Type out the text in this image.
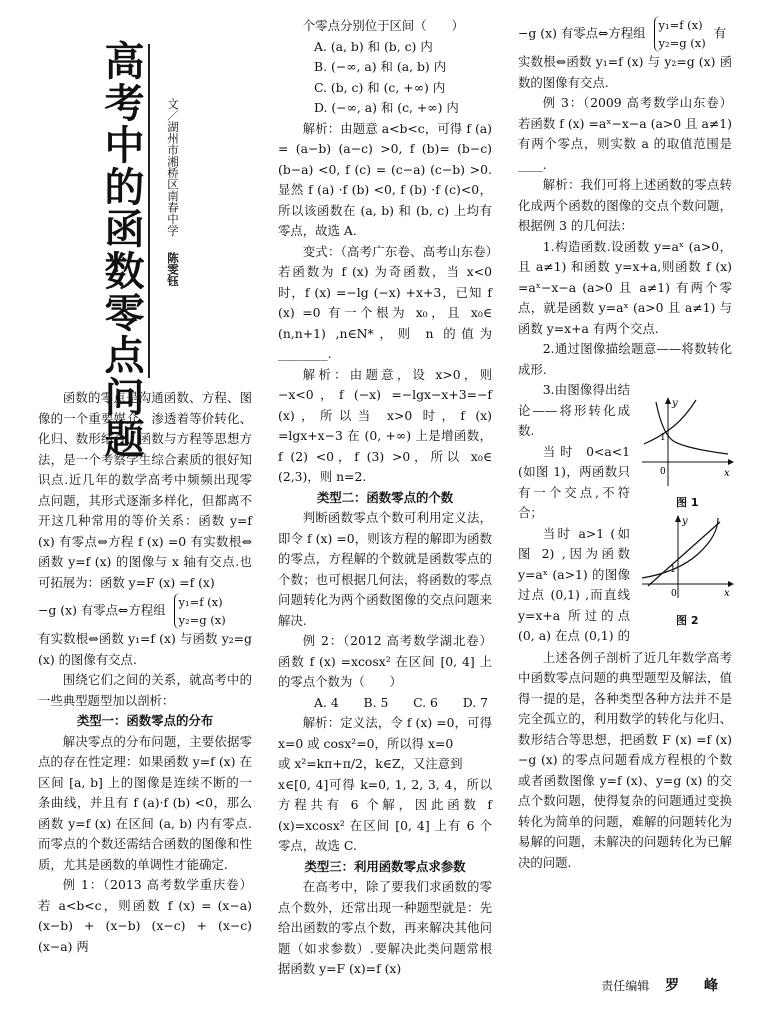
高考中的函数零点问题 文／湖州市湘桥区南春中学 陈雯钰

函数的零点是沟通函数、方程、图像的一个重要媒介，渗透着等价转化、化归、数形结合、函数与方程等思想方法，是一个考察学生综合素质的很好知识点.近几年的数学高考中频频出现零点问题，其形式逐渐多样化，但都离不开这几种常用的等价关系：函数 y=f (x) 有零点⇔方程 f (x) =0 有实数根⇔函数 y=f (x) 的图像与 x 轴有交点.也可拓展为：函数 y=F (x) =f (x)

−g (x) 有零点⇔方程组 y₁=f (x)
y₂=g (x)

有实数根⇔函数 y₁=f (x) 与函数 y₂=g (x) 的图像有交点.

围绕它们之间的关系，就高考中的一些典型题型加以剖析：

类型一：函数零点的分布

解决零点的分布问题，主要依据零点的存在性定理：如果函数 y=f (x) 在区间 [a, b] 上的图像是连续不断的一条曲线，并且有 f (a)·f (b) <0，那么函数 y=f (x) 在区间 (a, b) 内有零点.而零点的个数还需结合函数的图像和性质，尤其是函数的单调性才能确定.

例 1：（2013 高考数学重庆卷）若 a<b<c，则函数 f (x) = (x−a) (x−b) + (x−b) (x−c) + (x−c) (x−a) 两

个零点分别位于区间（　　）

A. (a, b) 和 (b, c) 内

B. (−∞, a) 和 (a, b) 内

C. (b, c) 和 (c, +∞) 内

D. (−∞, a) 和 (c, +∞) 内

解析：由题意 a<b<c，可得 f (a) = (a−b) (a−c) >0, f (b)= (b−c) (b−a) <0, f (c) = (c−a) (c−b) >0.显然 f (a) ·f (b) <0, f (b) ·f (c)<0，所以该函数在 (a, b) 和 (b, c) 上均有零点，故选 A.

变式：（高考广东卷、高考山东卷）若函数为 f (x) 为奇函数，当 x<0 时，f (x) =−lg (−x) +x+3，已知 f (x) =0 有一个根为 x₀，且 x₀∈ (n,n+1) ,n∈N*，则 n 的值为________.

解析：由题意，设 x>0，则−x<0，f (−x) =−lgx−x+3=−f (x)，所以当 x>0 时，f (x) =lgx+x−3 在 (0, +∞) 上是增函数，f (2) <0，f (3) >0，所以 x₀∈ (2,3)，则 n=2.

类型二：函数零点的个数

判断函数零点个数可利用定义法，即令 f (x) =0，则该方程的解即为函数的零点，方程解的个数就是函数零点的个数；也可根据几何法，将函数的零点问题转化为两个函数图像的交点问题来解决.

例 2：（2012 高考数学湖北卷）函数 f (x) =xcosx² 在区间 [0, 4] 上的零点个数为（　　）

A. 4　　B. 5　　C. 6　　D. 7

解析：定义法，令 f (x) =0，可得 x=0 或 cosx²=0，所以得 x=0

或 x²=kπ+π/2，k∈Z，又注意到

x∈[0, 4]可得 k=0, 1, 2, 3, 4，所以方程共有 6 个解，因此函数 f (x)=xcosx² 在区间 [0, 4] 上有 6 个零点，故选 C.

类型三：利用函数零点求参数

在高考中，除了要我们求函数的零点个数外，还常出现一种题型就是：先给出函数的零点个数，再来解决其他问题（如求参数）.要解决此类问题常根据函数 y=F (x)=f (x)

−g (x) 有零点⇔方程组 y₁=f (x)
y₂=g (x) 有

实数根⇔函数 y₁=f (x) 与 y₂=g (x) 函数的图像有交点.

例 3：（2009 高考数学山东卷）若函数 f (x) =aˣ−x−a (a>0 且 a≠1) 有两个零点，则实数 a 的取值范围是____.

解析：我们可将上述函数的零点转化成两个函数的图像的交点个数问题，根据例 3 的几何法：

1.构造函数.设函数 y=aˣ (a>0，且 a≠1) 和函数 y=x+a,则函数 f (x) =aˣ−x−a (a>0 且 a≠1) 有两个零点，就是函数 y=aˣ (a>0 且 a≠1) 与函数 y=x+a 有两个交点.

2.通过图像描绘题意——将数转化成形.

3.由图像得出结论——将形转化成数.

当时 0<a<1 (如图 1)，两函数只有一个交点,不符合；

当时 a>1 (如图 2) ,因为函数 y=aˣ (a>1) 的图像过点 (0,1) ,而直线 y=x+a 所过的点 (0, a) 在点 (0,1) 的

上述各例子剖析了近几年数学高考中函数零点问题的典型题型及解法，值得一提的是，各种类型各种方法并不是完全孤立的，利用数学的转化与化归、数形结合等思想，把函数 F (x) =f (x) −g (x) 的零点问题看成方程根的个数或者函数图像 y=f (x)、y=g (x) 的交点个数问题，使得复杂的问题通过变换转化为简单的问题，难解的问题转化为易解的问题，未解决的问题转化为已解决的问题.

y
x
0
1
图 1
y
x
0
1
图 2
责任编辑 罗 峰
